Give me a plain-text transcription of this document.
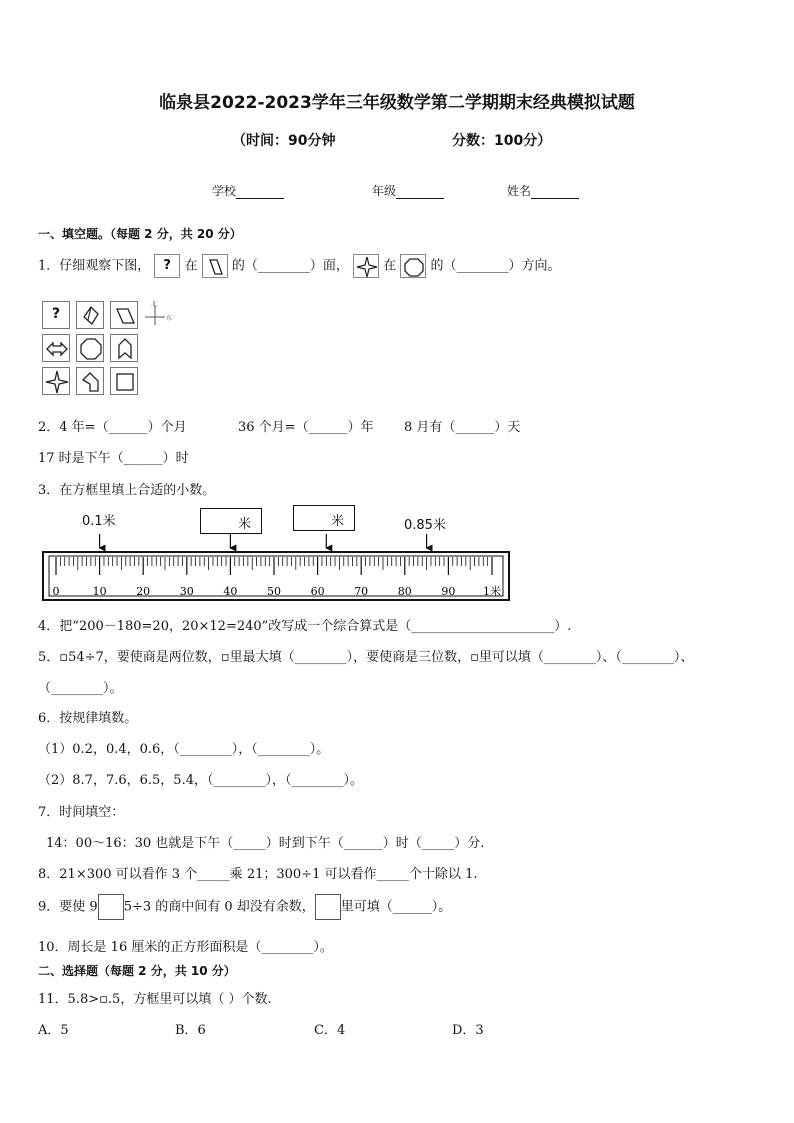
临泉县2022-2023学年三年级数学第二学期期末经典模拟试题
（时间：90分钟	分数：100分）
学校	年级	姓名
一、填空题。（每题 2 分，共 20 分）
1．仔细观察下图， ? 在	的（________）面，	在	的（________）方向。
?
北
东
2．4 年=（______）个月	36 个月=（______）年 8 月有（______）天
17 时是下午（______）时
3．在方框里填上合适的小数。
0.1米	0.85米
米	米
0	10	20	30	40	50	60	70	80	90	1米
4．把“200－180=20，20×12=240”改写成一个综合算式是（______________________）.
5．▫54÷7，要使商是两位数，▫里最大填（________），要使商是三位数，▫里可以填（________）、（________）、
（________）。
6．按规律填数。
（1）0.2，0.4，0.6，（________），（________）。
（2）8.7，7.6，6.5，5.4，（________），（________）。
7．时间填空：
14：00～16：30 也就是下午（_____）时到下午（______）时（_____）分.
8．21×300 可以看作 3 个_____乘 21；300÷1 可以看作_____个十除以 1.
9．要使 9 5÷3 的商中间有 0 却没有余数， 里可填（______）。
10．周长是 16 厘米的正方形面积是（________）。
二、选择题（每题 2 分，共 10 分）
11．5.8>▫.5，方框里可以填（ ）个数.
A．5	B．6	C．4	D．3
